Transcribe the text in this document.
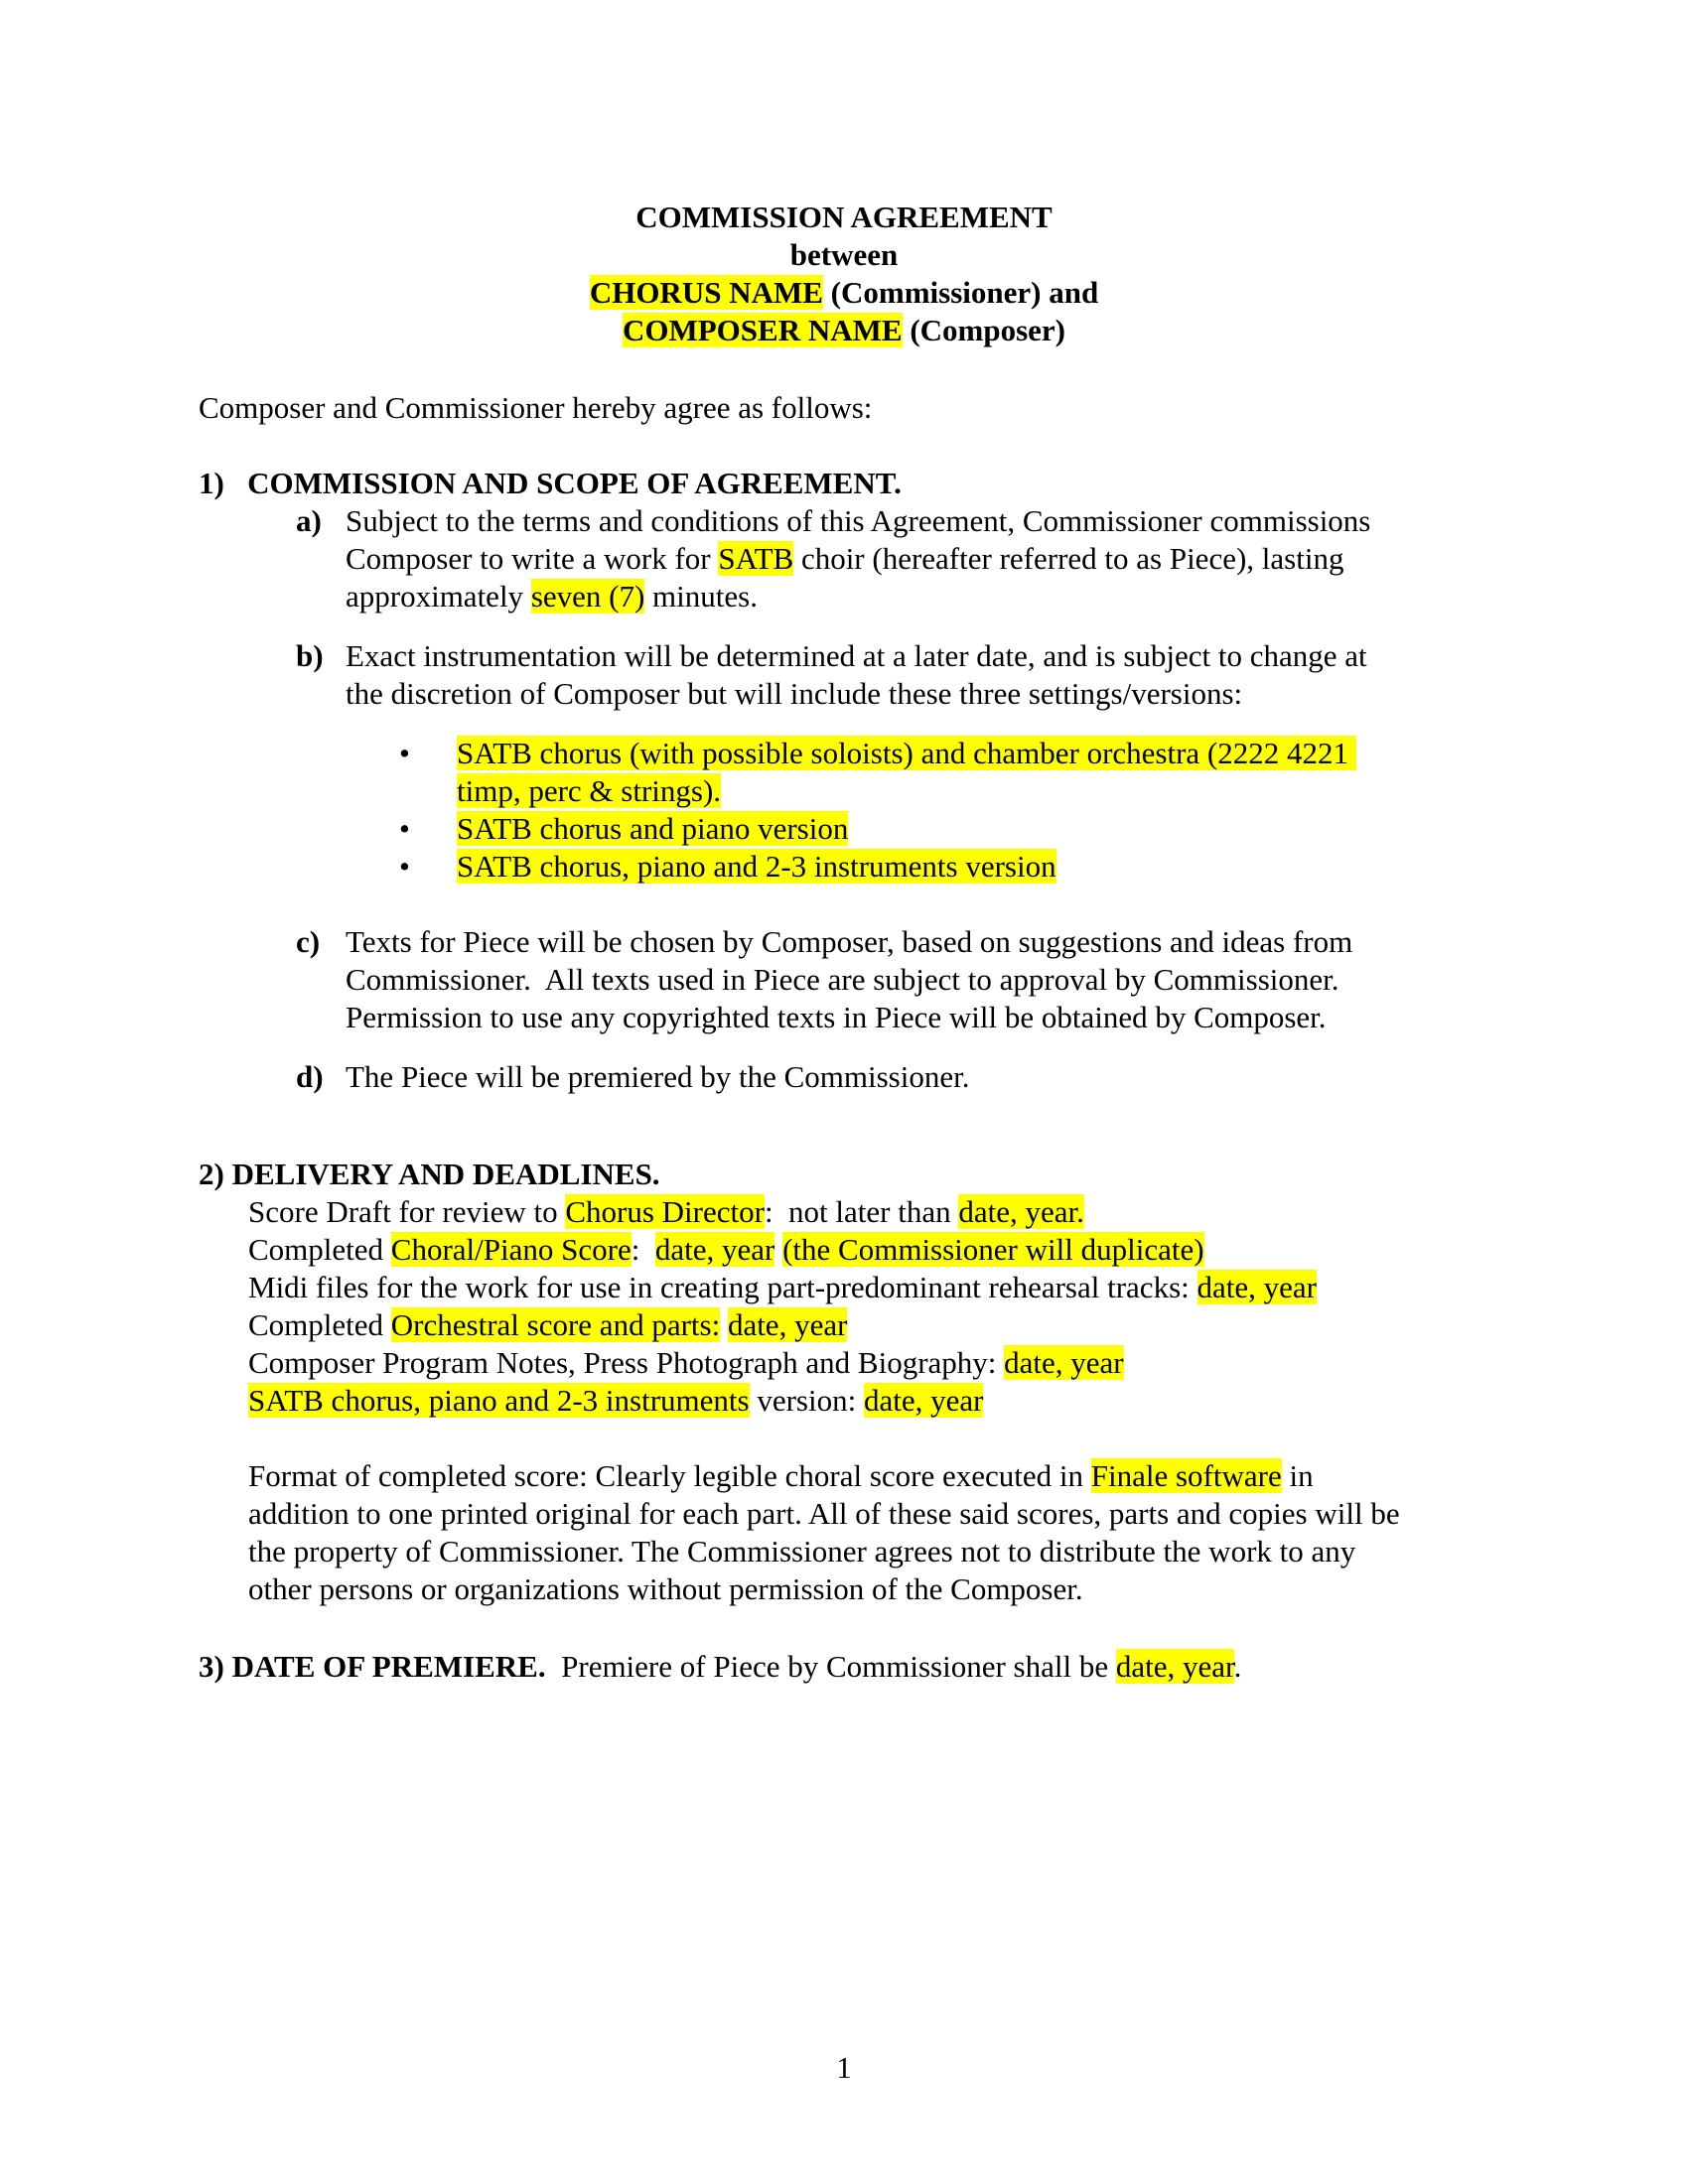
COMMISSION AGREEMENT
between
CHORUS NAME (Commissioner) and
COMPOSER NAME (Composer)
Composer and Commissioner hereby agree as follows:
1)   COMMISSION AND SCOPE OF AGREEMENT.
a) Subject to the terms and conditions of this Agreement, Commissioner commissions
Composer to write a work for SATB choir (hereafter referred to as Piece), lasting
approximately seven (7) minutes.
b) Exact instrumentation will be determined at a later date, and is subject to change at
the discretion of Composer but will include these three settings/versions:
• SATB chorus (with possible soloists) and chamber orchestra (2222 4221
timp, perc & strings).
• SATB chorus and piano version
• SATB chorus, piano and 2-3 instruments version
c) Texts for Piece will be chosen by Composer, based on suggestions and ideas from
Commissioner.  All texts used in Piece are subject to approval by Commissioner.
Permission to use any copyrighted texts in Piece will be obtained by Composer.
d) The Piece will be premiered by the Commissioner.
2) DELIVERY AND DEADLINES.
Score Draft for review to Chorus Director:  not later than date, year.
Completed Choral/Piano Score:  date, year (the Commissioner will duplicate)
Midi files for the work for use in creating part-predominant rehearsal tracks: date, year
Completed Orchestral score and parts: date, year
Composer Program Notes, Press Photograph and Biography: date, year
SATB chorus, piano and 2-3 instruments version: date, year
Format of completed score: Clearly legible choral score executed in Finale software in
addition to one printed original for each part. All of these said scores, parts and copies will be
the property of Commissioner. The Commissioner agrees not to distribute the work to any
other persons or organizations without permission of the Composer.
3) DATE OF PREMIERE.  Premiere of Piece by Commissioner shall be date, year.
1
